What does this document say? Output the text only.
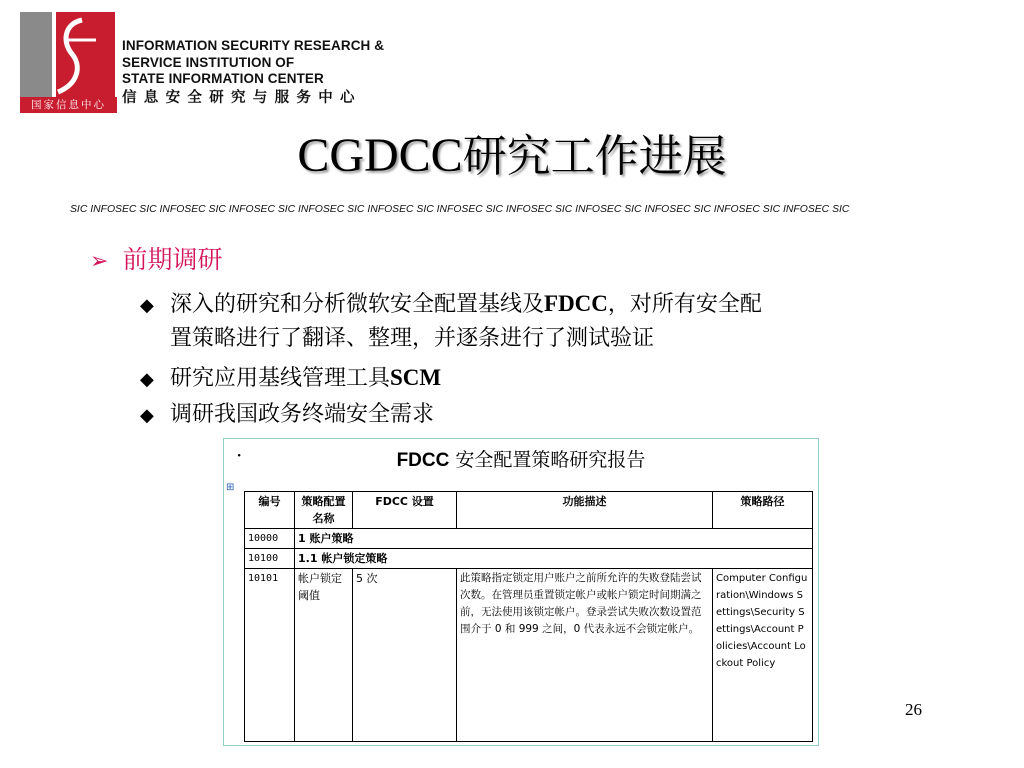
国家信息中心
INFORMATION SECURITY RESEARCH &
SERVICE INSTITUTION OF
STATE INFORMATION CENTER
信息安全研究与服务中心
CGDCC研究工作进展
SIC INFOSEC SIC INFOSEC SIC INFOSEC SIC INFOSEC SIC INFOSEC SIC INFOSEC SIC INFOSEC SIC INFOSEC SIC INFOSEC SIC INFOSEC SIC INFOSEC SIC
➢ 前期调研
◆ 深入的研究和分析微软安全配置基线及FDCC，对所有安全配
置策略进行了翻译、整理，并逐条进行了测试验证
◆ 研究应用基线管理工具SCM
◆ 调研我国政务终端安全需求
·	FDCC 安全配置策略研究报告
⊞
编号	策略配置名称	FDCC 设置	功能描述	策略路径
10000	1 账户策略			
10100	1.1 帐户锁定策略			
10101	帐户锁定阈值	5 次	此策略指定锁定用户账户之前所允许的失败登陆尝试次数。在管理员重置锁定帐户或帐户锁定时间期满之前，无法使用该锁定帐户。登录尝试失败次数设置范围介于 0 和 999 之间，0 代表永远不会锁定帐户。	Computer Configuration\Windows Settings\Security Settings\Account Policies\Account Lockout Policy
26
